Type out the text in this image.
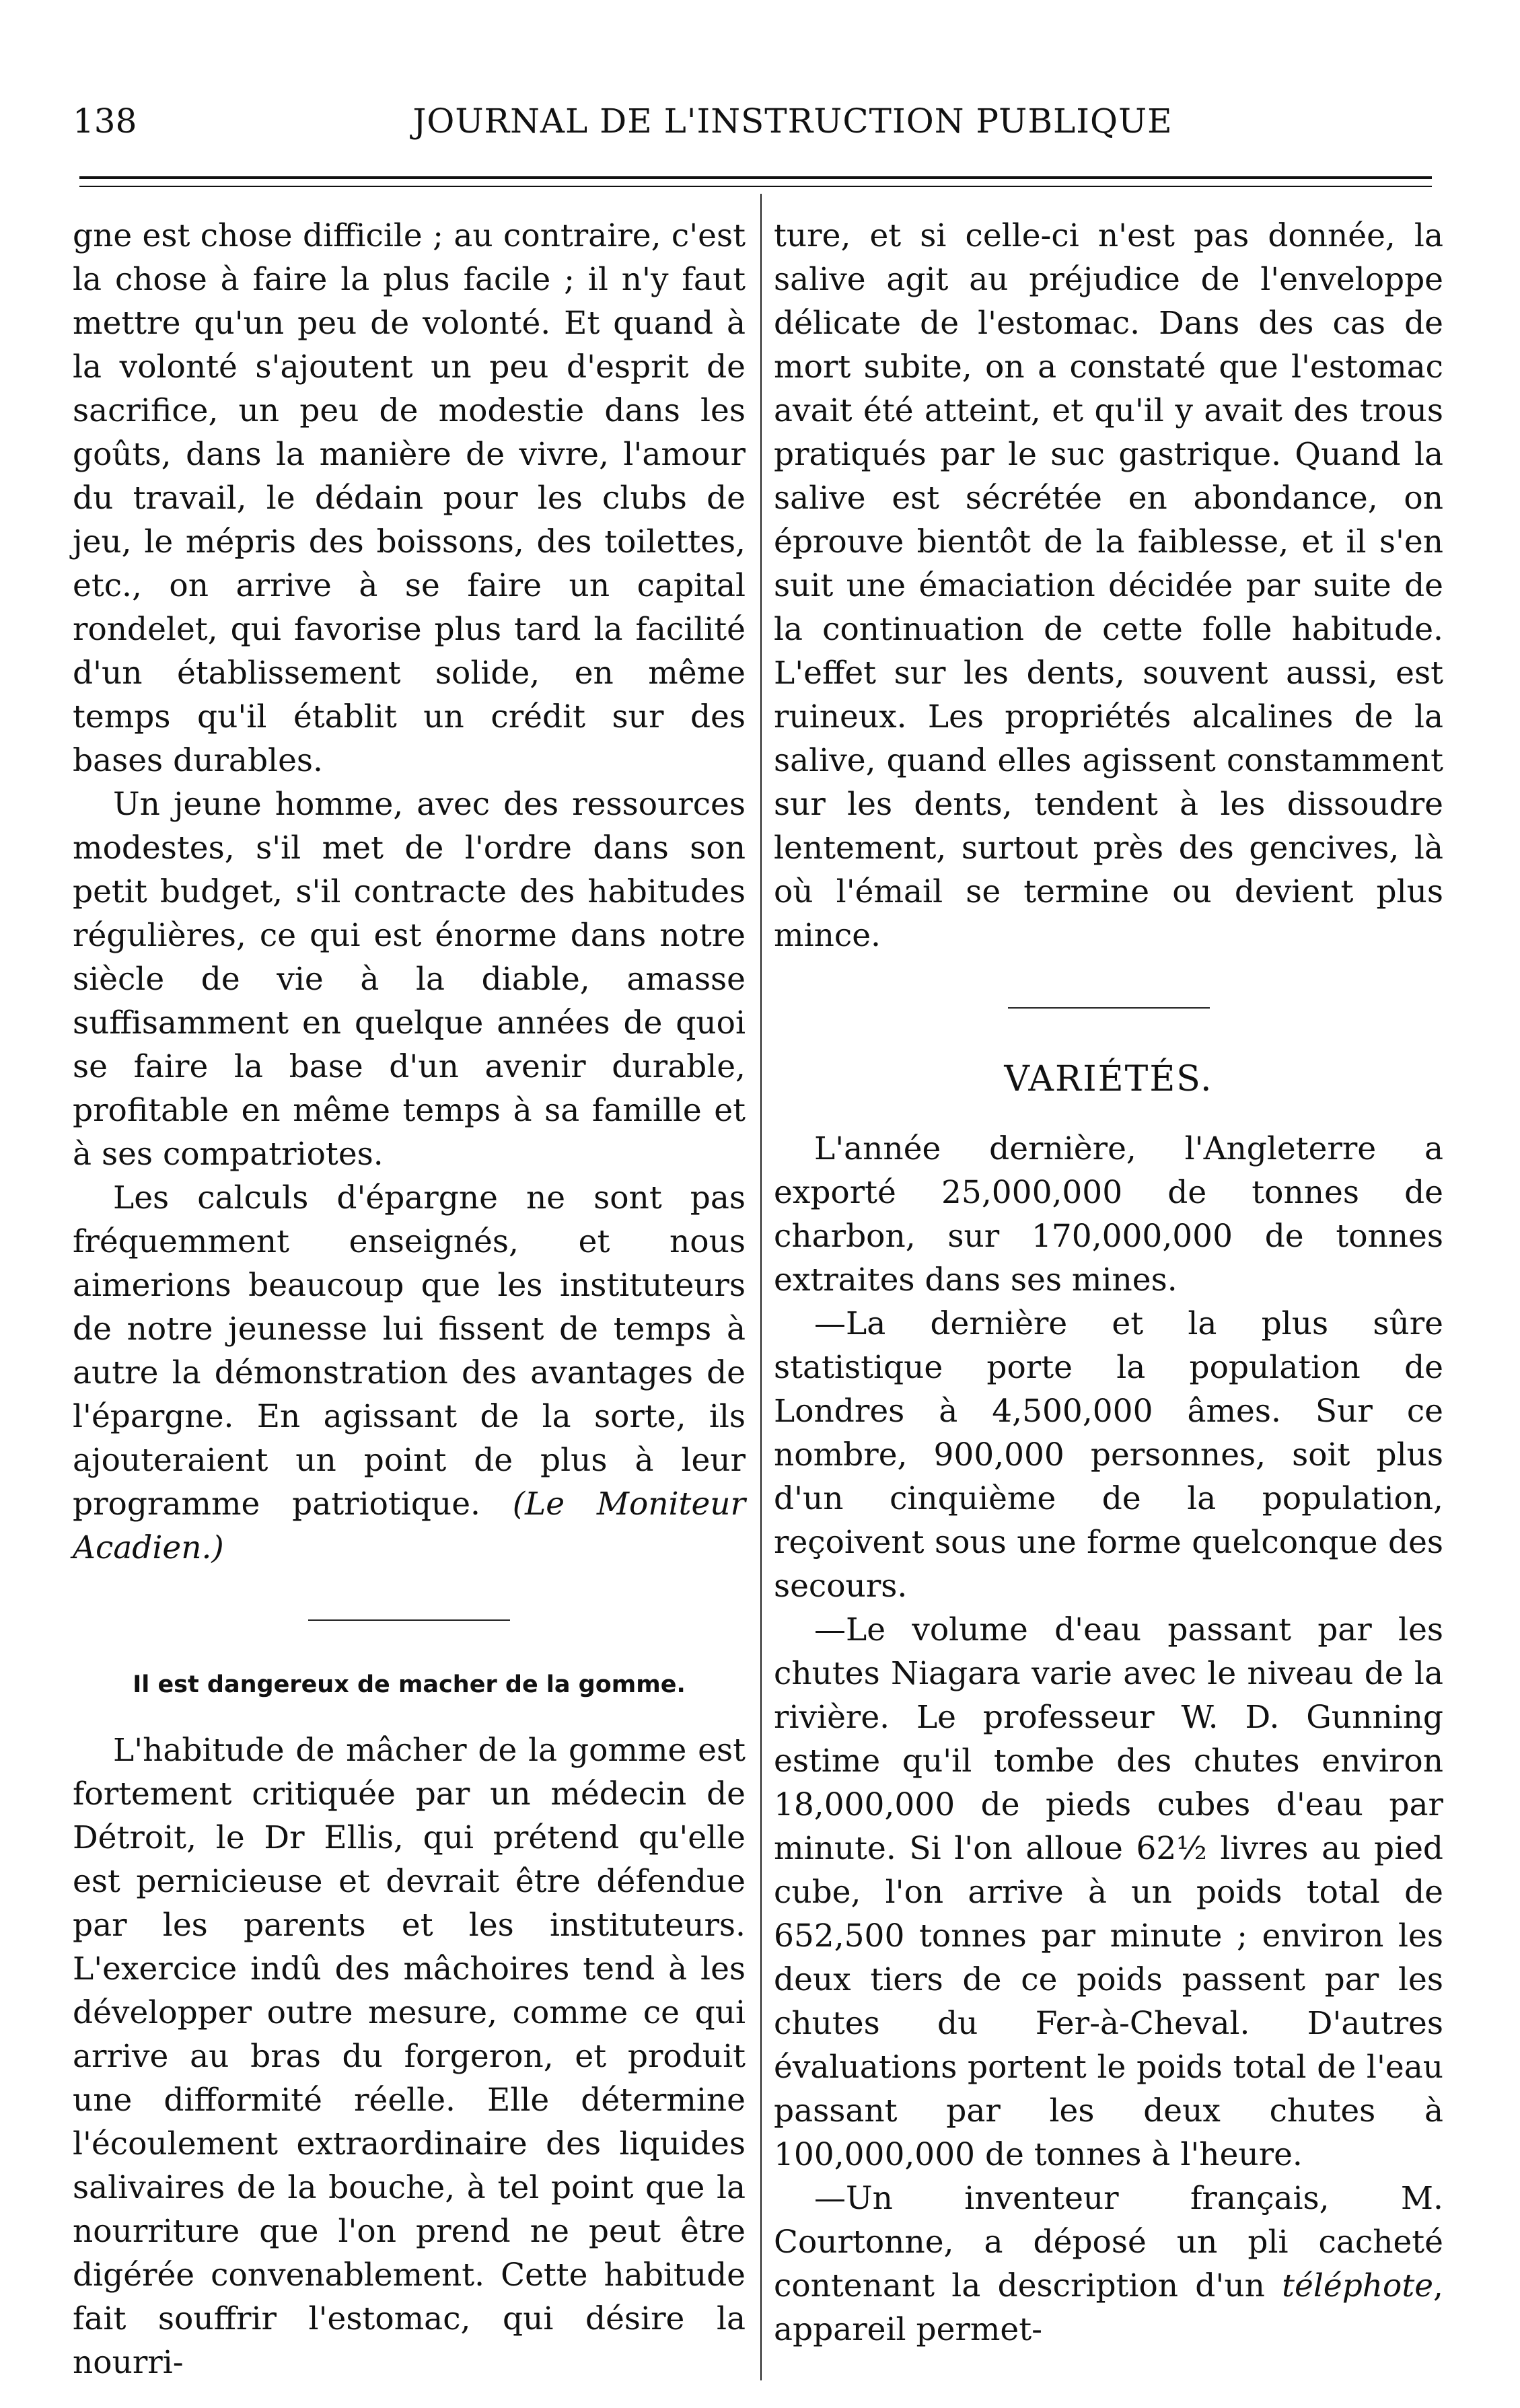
138	JOURNAL DE L'INSTRUCTION PUBLIQUE

gne est chose difficile ; au contraire, c'est la chose à faire la plus facile ; il n'y faut mettre qu'un peu de volonté. Et quand à la volonté s'ajoutent un peu d'esprit de sacrifice, un peu de modestie dans les goûts, dans la manière de vivre, l'amour du travail, le dédain pour les clubs de jeu, le mépris des boissons, des toilettes, etc., on arrive à se faire un capital rondelet, qui favorise plus tard la facilité d'un établissement solide, en même temps qu'il établit un crédit sur des bases durables.

Un jeune homme, avec des ressources modestes, s'il met de l'ordre dans son petit budget, s'il contracte des habitudes régulières, ce qui est énorme dans notre siècle de vie à la diable, amasse suffisamment en quelque années de quoi se faire la base d'un avenir durable, profitable en même temps à sa famille et à ses compatriotes.

Les calculs d'épargne ne sont pas fréquemment enseignés, et nous aimerions beaucoup que les instituteurs de notre jeunesse lui fissent de temps à autre la démonstration des avantages de l'épargne. En agissant de la sorte, ils ajouteraient un point de plus à leur programme patriotique. (Le Moniteur Acadien.)

Il est dangereux de macher de la gomme.

L'habitude de mâcher de la gomme est fortement critiquée par un médecin de Détroit, le Dr Ellis, qui prétend qu'elle est pernicieuse et devrait être défendue par les parents et les instituteurs. L'exercice indû des mâchoires tend à les développer outre mesure, comme ce qui arrive au bras du forgeron, et produit une difformité réelle. Elle détermine l'écoulement extraordinaire des liquides salivaires de la bouche, à tel point que la nourriture que l'on prend ne peut être digérée convenablement. Cette habitude fait souffrir l'estomac, qui désire la nourri-

ture, et si celle-ci n'est pas donnée, la salive agit au préjudice de l'enveloppe délicate de l'estomac. Dans des cas de mort subite, on a constaté que l'estomac avait été atteint, et qu'il y avait des trous pratiqués par le suc gastrique. Quand la salive est sécrétée en abondance, on éprouve bientôt de la faiblesse, et il s'en suit une émaciation décidée par suite de la continuation de cette folle habitude. L'effet sur les dents, souvent aussi, est ruineux. Les propriétés alcalines de la salive, quand elles agissent constamment sur les dents, tendent à les dissoudre lentement, surtout près des gencives, là où l'émail se termine ou devient plus mince.

VARIÉTÉS.

L'année dernière, l'Angleterre a exporté 25,000,000 de tonnes de charbon, sur 170,000,000 de tonnes extraites dans ses mines.

—La dernière et la plus sûre statistique porte la population de Londres à 4,500,000 âmes. Sur ce nombre, 900,000 personnes, soit plus d'un cinquième de la population, reçoivent sous une forme quelconque des secours.

—Le volume d'eau passant par les chutes Niagara varie avec le niveau de la rivière. Le professeur W. D. Gunning estime qu'il tombe des chutes environ 18,000,000 de pieds cubes d'eau par minute. Si l'on alloue 62½ livres au pied cube, l'on arrive à un poids total de 652,500 tonnes par minute ; environ les deux tiers de ce poids passent par les chutes du Fer-à-Cheval. D'autres évaluations portent le poids total de l'eau passant par les deux chutes à 100,000,000 de tonnes à l'heure.

—Un inventeur français, M. Courtonne, a déposé un pli cacheté contenant la description d'un téléphote, appareil permet-
